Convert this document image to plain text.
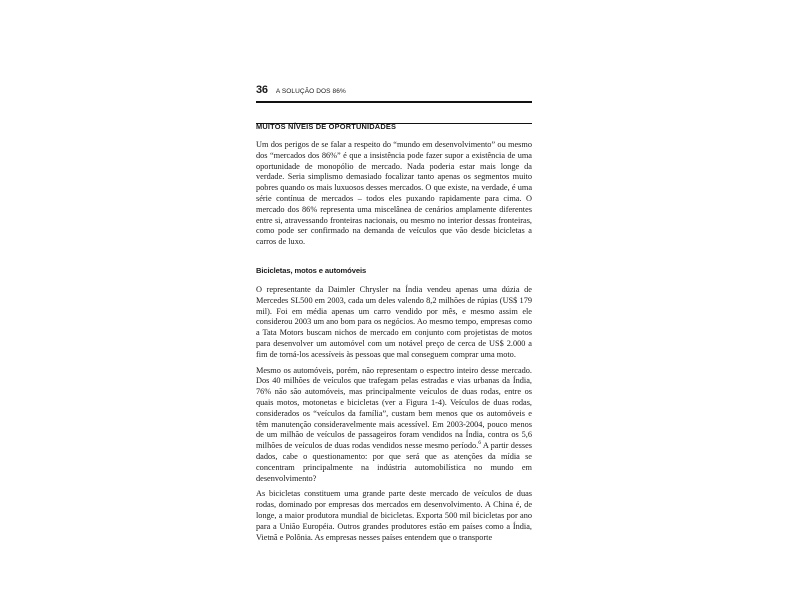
36 A SOLUÇÃO DOS 86%
MUITOS NÍVEIS DE OPORTUNIDADES

Um dos perigos de se falar a respeito do “mundo em desenvolvimento” ou mesmo dos “mercados dos 86%” é que a insistência pode fazer supor a existência de uma oportunidade de monopólio de mercado. Nada poderia estar mais longe da verdade. Seria simplismo demasiado focalizar tanto apenas os segmentos muito pobres quando os mais luxuosos desses mercados. O que existe, na verdade, é uma série contínua de mercados – todos eles puxando rapidamente para cima. O mercado dos 86% representa uma miscelânea de cenários amplamente diferentes entre si, atravessando fronteiras nacionais, ou mesmo no interior dessas fronteiras, como pode ser confirmado na demanda de veículos que vão desde bicicletas a carros de luxo.

Bicicletas, motos e automóveis

O representante da Daimler Chrysler na Índia vendeu apenas uma dúzia de Mercedes SL500 em 2003, cada um deles valendo 8,2 milhões de rúpias (US$ 179 mil). Foi em média apenas um carro vendido por mês, e mesmo assim ele considerou 2003 um ano bom para os negócios. Ao mesmo tempo, empresas como a Tata Motors buscam nichos de mercado em conjunto com projetistas de motos para desenvolver um automóvel com um notável preço de cerca de US$ 2.000 a fim de torná-los acessíveis às pessoas que mal conseguem comprar uma moto.

Mesmo os automóveis, porém, não representam o espectro inteiro desse mercado. Dos 40 milhões de veículos que trafegam pelas estradas e vias urbanas da Índia, 76% não são automóveis, mas principalmente veículos de duas rodas, entre os quais motos, motonetas e bicicletas (ver a Figura 1-4). Veículos de duas rodas, considerados os “veículos da família”, custam bem menos que os automóveis e têm manutenção consideravelmente mais acessível. Em 2003-2004, pouco menos de um milhão de veículos de passageiros foram vendidos na Índia, contra os 5,6 milhões de veículos de duas rodas vendidos nesse mesmo período.$^6$ A partir desses dados, cabe o questionamento: por que será que as atenções da mídia se concentram principalmente na indústria automobilística no mundo em desenvolvimento?

As bicicletas constituem uma grande parte deste mercado de veículos de duas rodas, dominado por empresas dos mercados em desenvolvimento. A China é, de longe, a maior produtora mundial de bicicletas. Exporta 500 mil bicicletas por ano para a União Européia. Outros grandes produtores estão em países como a Índia, Vietnã e Polônia. As empresas nesses países entendem que o transporte
